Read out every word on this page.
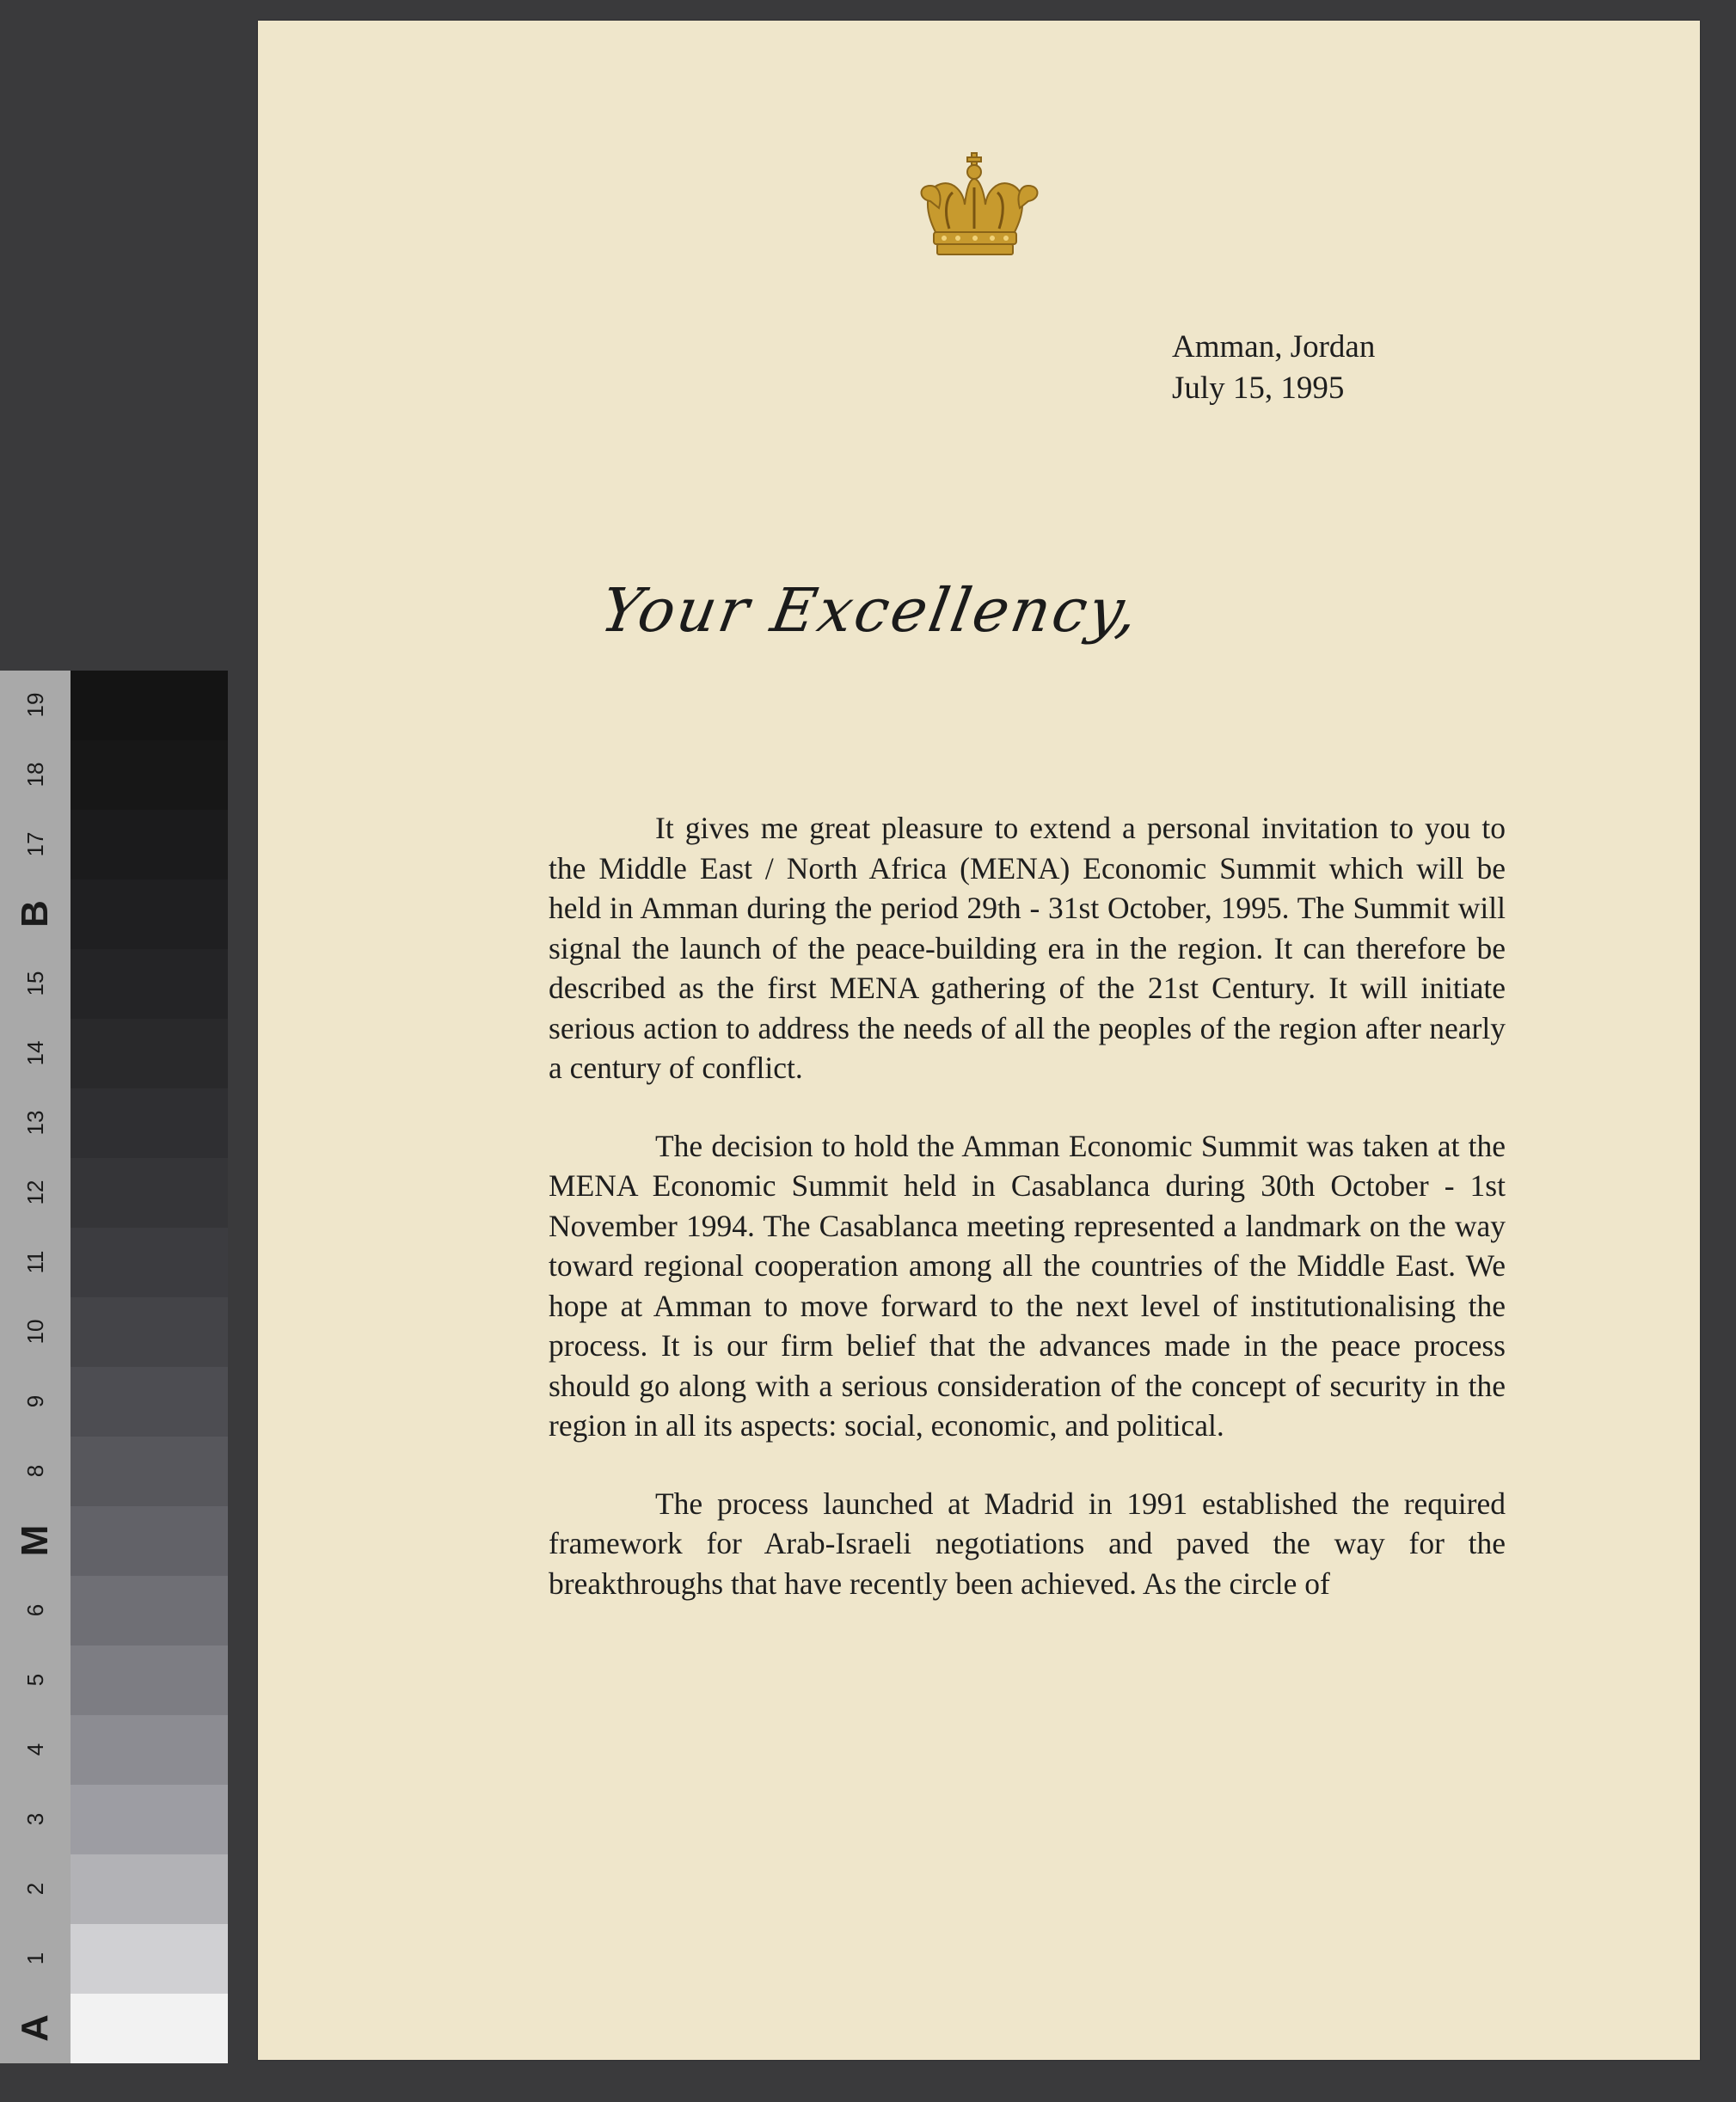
19
18
17
B
15
14
13
12
11
10
9
8
M
6
5
4
3
2
1
A
Amman, Jordan
July 15, 1995
Your Excellency,

It gives me great pleasure to extend a personal invitation to you to the Middle East / North Africa (MENA) Economic Summit which will be held in Amman during the period 29th - 31st October, 1995. The Summit will signal the launch of the peace-building era in the region. It can therefore be described as the first MENA gathering of the 21st Century. It will initiate serious action to address the needs of all the peoples of the region after nearly a century of conflict.

The decision to hold the Amman Economic Summit was taken at the MENA Economic Summit held in Casablanca during 30th October - 1st November 1994. The Casablanca meeting represented a landmark on the way toward regional cooperation among all the countries of the Middle East. We hope at Amman to move forward to the next level of institutionalising the process. It is our firm belief that the advances made in the peace process should go along with a serious consideration of the concept of security in the region in all its aspects: social, economic, and political.

The process launched at Madrid in 1991 established the required framework for Arab-Israeli negotiations and paved the way for the breakthroughs that have recently been achieved. As the circle of
